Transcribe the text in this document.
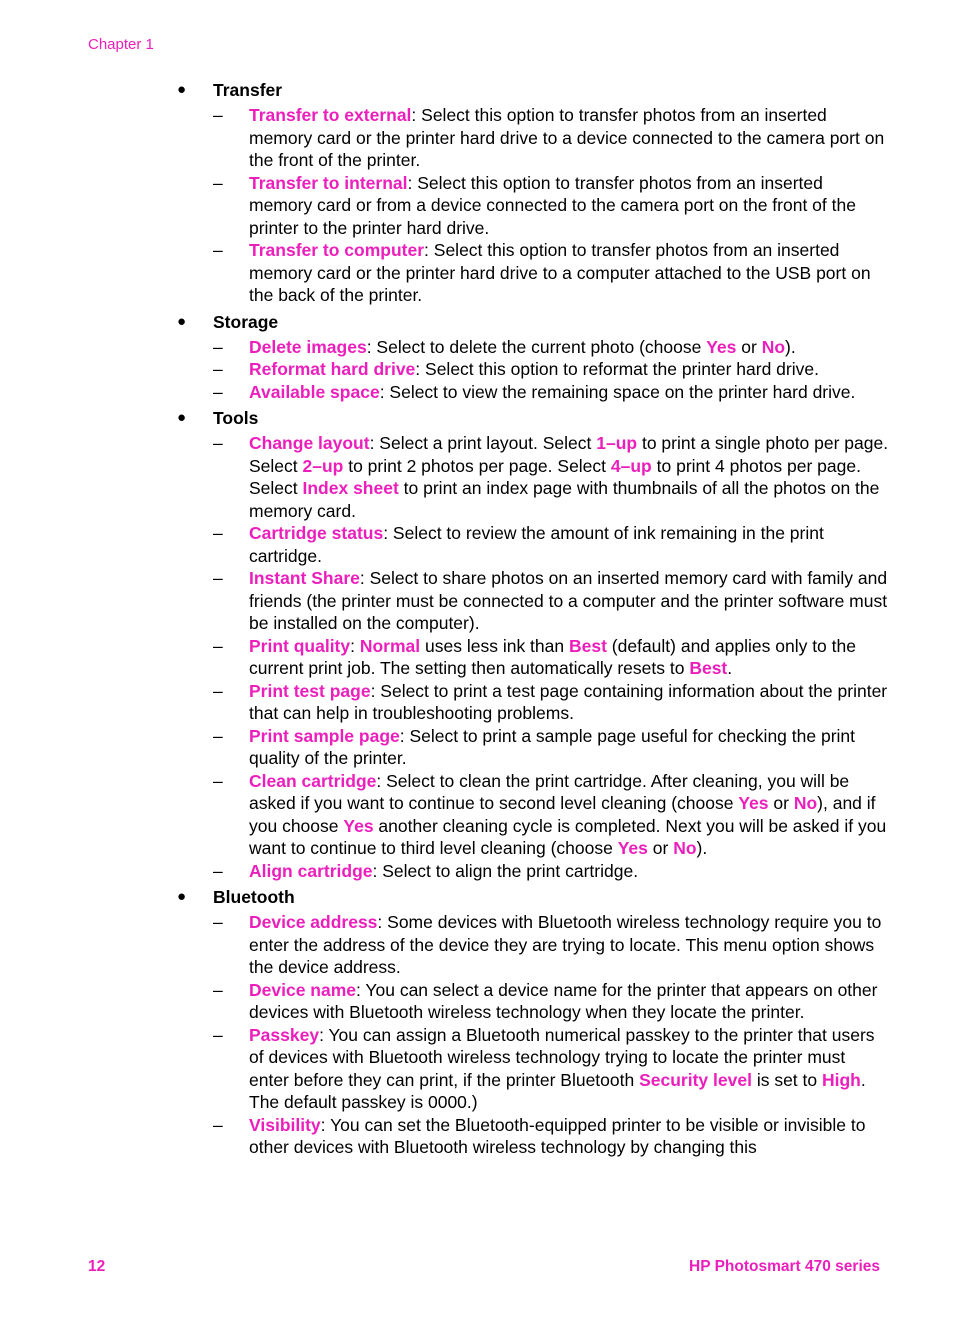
Chapter 1
● Transfer
– Transfer to external: Select this option to transfer photos from an inserted memory card or the printer hard drive to a device connected to the camera port on the front of the printer.
– Transfer to internal: Select this option to transfer photos from an inserted memory card or from a device connected to the camera port on the front of the printer to the printer hard drive.
– Transfer to computer: Select this option to transfer photos from an inserted memory card or the printer hard drive to a computer attached to the USB port on the back of the printer.
● Storage
– Delete images: Select to delete the current photo (choose Yes or No).
– Reformat hard drive: Select this option to reformat the printer hard drive.
– Available space: Select to view the remaining space on the printer hard drive.
● Tools
– Change layout: Select a print layout. Select 1–up to print a single photo per page. Select 2–up to print 2 photos per page. Select 4–up to print 4 photos per page. Select Index sheet to print an index page with thumbnails of all the photos on the memory card.
– Cartridge status: Select to review the amount of ink remaining in the print cartridge.
– Instant Share: Select to share photos on an inserted memory card with family and friends (the printer must be connected to a computer and the printer software must be installed on the computer).
– Print quality: Normal uses less ink than Best (default) and applies only to the current print job. The setting then automatically resets to Best.
– Print test page: Select to print a test page containing information about the printer that can help in troubleshooting problems.
– Print sample page: Select to print a sample page useful for checking the print quality of the printer.
– Clean cartridge: Select to clean the print cartridge. After cleaning, you will be asked if you want to continue to second level cleaning (choose Yes or No), and if you choose Yes another cleaning cycle is completed. Next you will be asked if you want to continue to third level cleaning (choose Yes or No).
– Align cartridge: Select to align the print cartridge.
● Bluetooth
– Device address: Some devices with Bluetooth wireless technology require you to enter the address of the device they are trying to locate. This menu option shows the device address.
– Device name: You can select a device name for the printer that appears on other devices with Bluetooth wireless technology when they locate the printer.
– Passkey: You can assign a Bluetooth numerical passkey to the printer that users of devices with Bluetooth wireless technology trying to locate the printer must enter before they can print, if the printer Bluetooth Security level is set to High. The default passkey is 0000.)
– Visibility: You can set the Bluetooth-equipped printer to be visible or invisible to other devices with Bluetooth wireless technology by changing this
12	HP Photosmart 470 series
